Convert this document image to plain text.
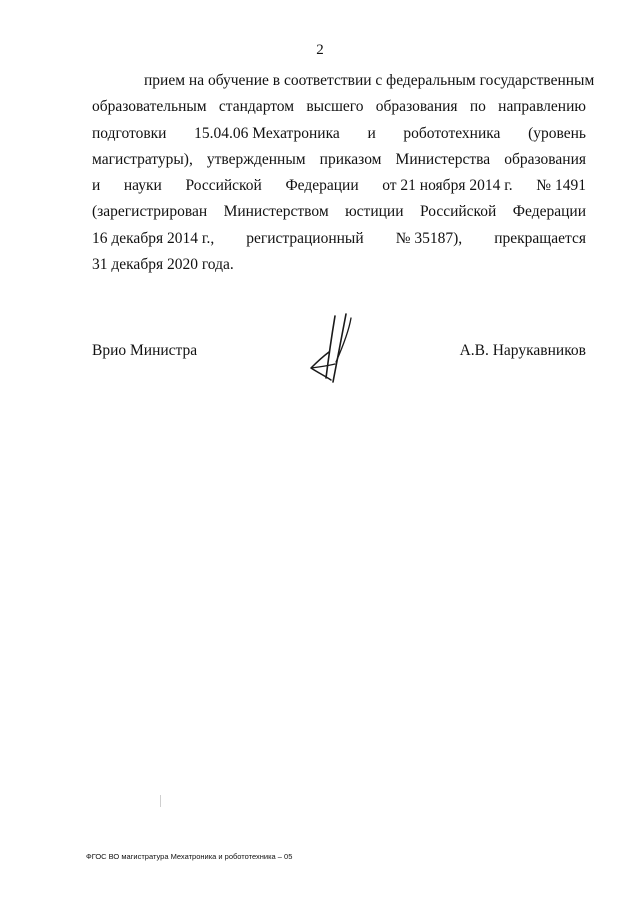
2
прием на обучение в соответствии с федеральным государственным
образовательным стандартом высшего образования по направлению
подготовки 15.04.06 Мехатроника и робототехника (уровень
магистратуры), утвержденным приказом Министерства образования
и науки Российской Федерации от 21 ноября 2014 г. № 1491
(зарегистрирован Министерством юстиции Российской Федерации
16 декабря 2014 г., регистрационный № 35187), прекращается
31 декабря 2020 года.
Врио Министра	А.В. Нарукавников
ФГОС ВО магистратура Мехатроника и робототехника – 05
